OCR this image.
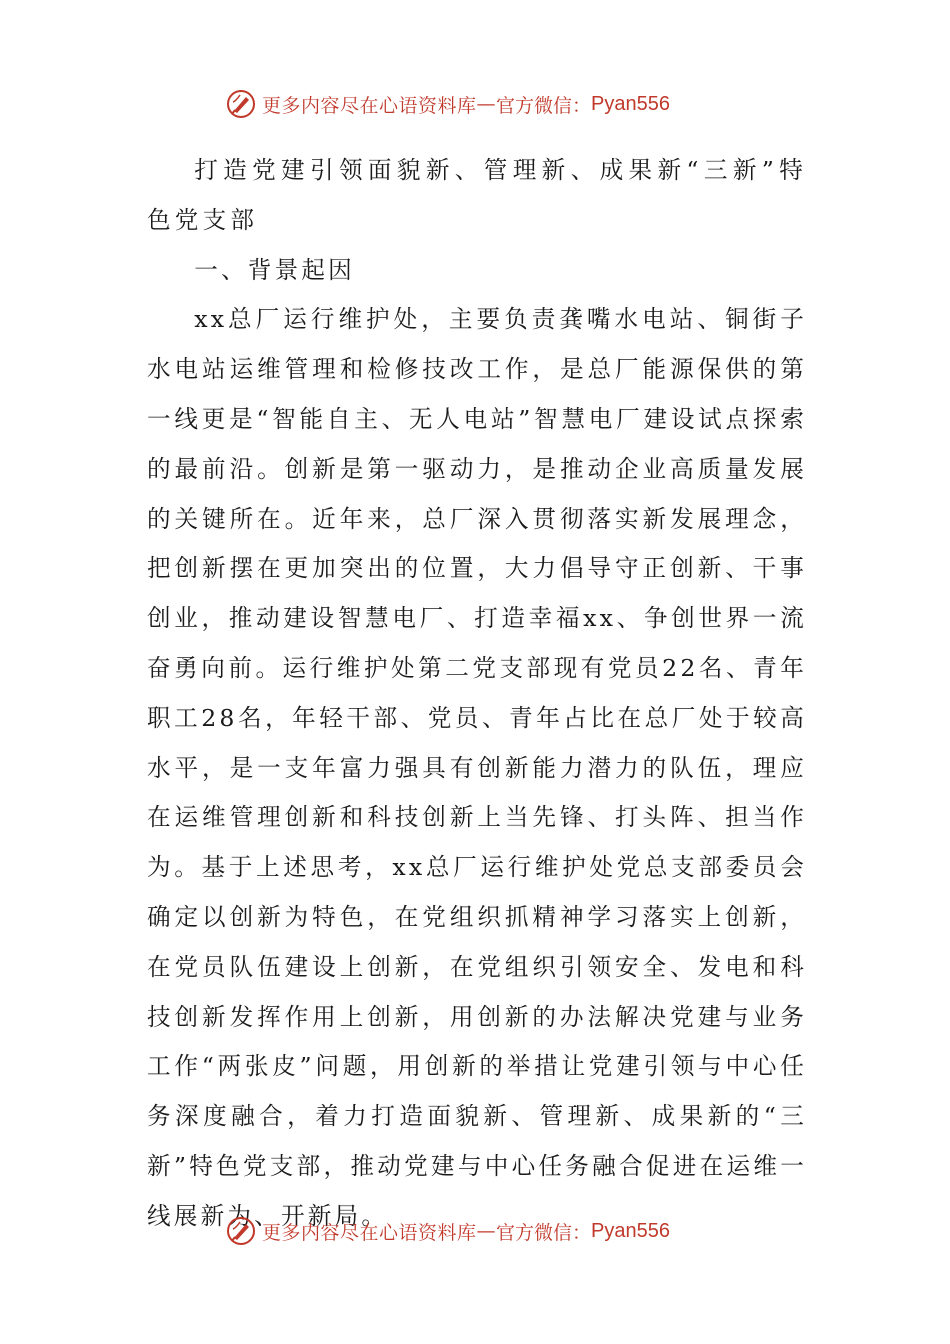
更多内容尽在心语资料库 — 官方微信： Pyan556

打造党建引领面貌新、管理新、成果新“三新”特色党支部

一、背景起因

xx总厂运行维护处，主要负责龚嘴水电站、铜街子水电站运维管理和检修技改工作，是总厂能源保供的第一线更是“智能自主、无人电站”智慧电厂建设试点探索的最前沿。创新是第一驱动力，是推动企业高质量发展的关键所在。近年来，总厂深入贯彻落实新发展理念，把创新摆在更加突出的位置，大力倡导守正创新、干事创业，推动建设智慧电厂、打造幸福xx、争创世界一流奋勇向前。运行维护处第二党支部现有党员22名、青年职工28名，年轻干部、党员、青年占比在总厂处于较高水平，是一支年富力强具有创新能力潜力的队伍，理应在运维管理创新和科技创新上当先锋、打头阵、担当作为。基于上述思考，xx总厂运行维护处党总支部委员会确定以创新为特色，在党组织抓精神学习落实上创新，在党员队伍建设上创新，在党组织引领安全、发电和科技创新发挥作用上创新，用创新的办法解决党建与业务工作“两张皮”问题，用创新的举措让党建引领与中心任务深度融合，着力打造面貌新、管理新、成果新的“三新”特色党支部，推动党建与中心任务融合促进在运维一线展新为、开新局。

更多内容尽在心语资料库 — 官方微信： Pyan556
